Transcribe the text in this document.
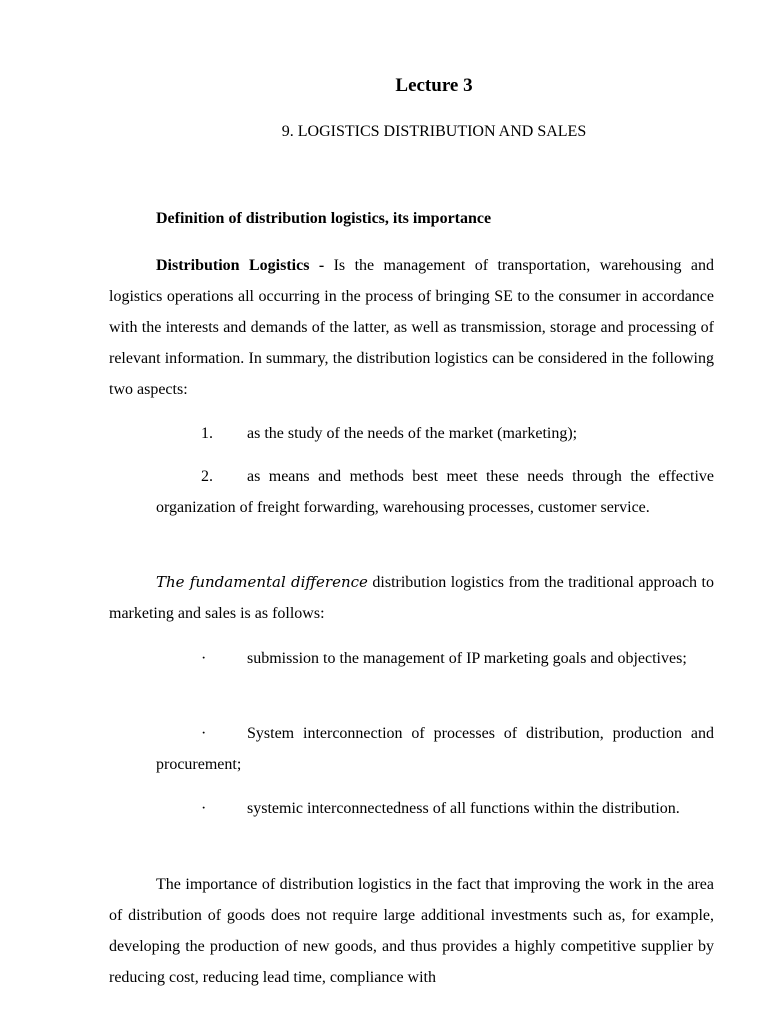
Lecture 3
9. LOGISTICS DISTRIBUTION AND SALES
Definition of distribution logistics, its importance

Distribution Logistics - Is the management of transportation, warehousing and logistics operations all occurring in the process of bringing SE to the consumer in accordance with the interests and demands of the latter, as well as transmission, storage and processing of relevant information. In summary, the distribution logistics can be considered in the following two aspects:

1.	as the study of the needs of the market (marketing);
2.	as means and methods best meet these needs through the effective organization of freight forwarding, warehousing processes, customer service.

The fundamental difference distribution logistics from the traditional approach to marketing and sales is as follows:

·	submission to the management of IP marketing goals and objectives;
·	System interconnection of processes of distribution, production and procurement;
·	systemic interconnectedness of all functions within the distribution.

The importance of distribution logistics in the fact that improving the work in the area of distribution of goods does not require large additional investments such as, for example, developing the production of new goods, and thus provides a highly competitive supplier by reducing cost, reducing lead time, compliance with
